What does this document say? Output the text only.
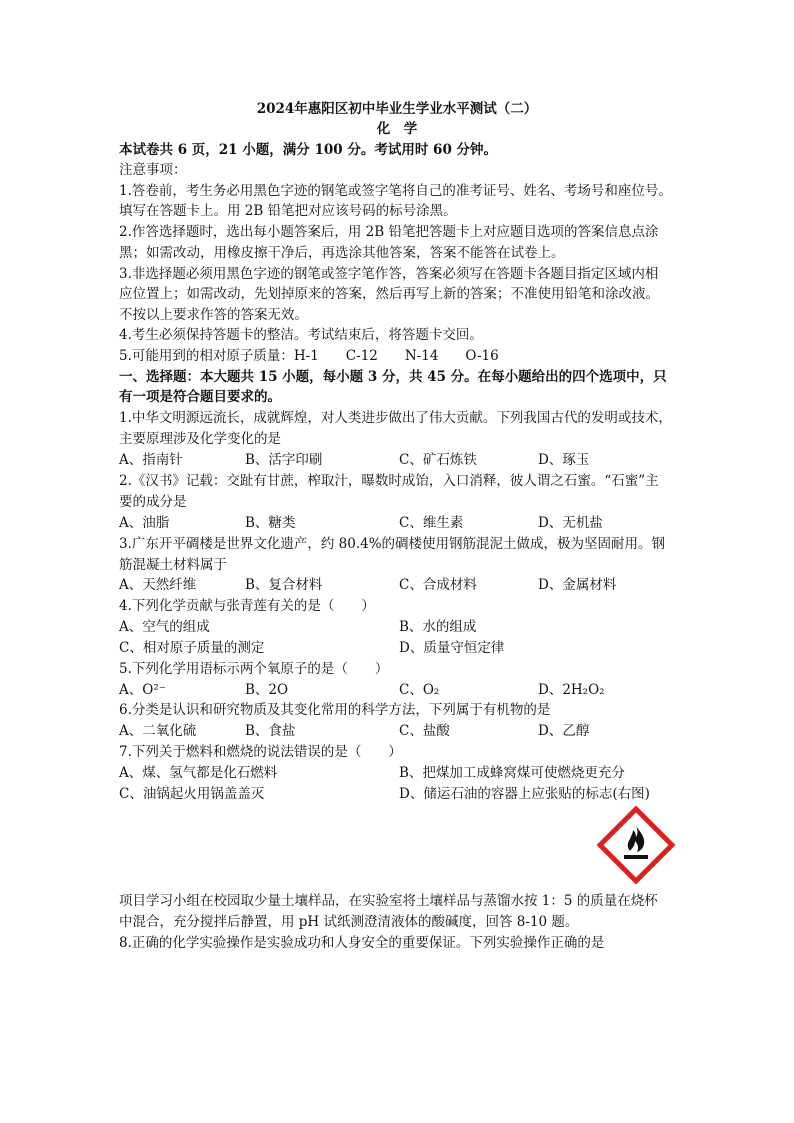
2024年惠阳区初中毕业生学业水平测试（二）
化　学
本试卷共 6 页，21 小题，满分 100 分。考试用时 60 分钟。
注意事项：
1.答卷前，考生务必用黑色字迹的钢笔或签字笔将自己的准考证号、姓名、考场号和座位号。
填写在答题卡上。用 2B 铅笔把对应该号码的标号涂黑。
2.作答选择题时，选出每小题答案后，用 2B 铅笔把答题卡上对应题目选项的答案信息点涂
黑；如需改动，用橡皮擦干净后，再选涂其他答案，答案不能答在试卷上。
3.非选择题必须用黑色字迹的钢笔或签字笔作答，答案必须写在答题卡各题目指定区域内相
应位置上；如需改动，先划掉原来的答案，然后再写上新的答案；不准使用铅笔和涂改液。
不按以上要求作答的答案无效。
4.考生必须保持答题卡的整洁。考试结束后，将答题卡交回。
5.可能用到的相对原子质量：H-1　　C-12　　N-14　　O-16
一、选择题：本大题共 15 小题，每小题 3 分，共 45 分。在每小题给出的四个选项中，只
有一项是符合题目要求的。
1.中华文明源远流长，成就辉煌，对人类进步做出了伟大贡献。下列我国古代的发明或技术，
主要原理涉及化学变化的是
A、指南针	B、活字印刷	C、矿石炼铁	D、琢玉
2.《汉书》记载：交趾有甘蔗，榨取汁，曝数时成饴，入口消释，彼人谓之石蜜。“石蜜”主
要的成分是
A、油脂	B、糖类	C、维生素	D、无机盐
3.广东开平碉楼是世界文化遗产，约 80.4%的碉楼使用钢筋混泥土做成，极为坚固耐用。钢
筋混凝土材料属于
A、天然纤维	B、复合材料	C、合成材料	D、金属材料
4.下列化学贡献与张青莲有关的是（　　）
A、空气的组成	B、水的组成
C、相对原子质量的测定	D、质量守恒定律
5.下列化学用语标示两个氧原子的是（　　）
A、O²⁻	B、2O	C、O₂	D、2H₂O₂
6.分类是认识和研究物质及其变化常用的科学方法，下列属于有机物的是
A、二氧化硫	B、食盐	C、盐酸	D、乙醇
7.下列关于燃料和燃烧的说法错误的是（　　）
A、煤、氢气都是化石燃料	B、把煤加工成蜂窝煤可使燃烧更充分
C、油锅起火用锅盖盖灭	D、储运石油的容器上应张贴的标志(右图)
项目学习小组在校园取少量土壤样品，在实验室将土壤样品与蒸馏水按 1：5 的质量在烧杯
中混合，充分搅拌后静置，用 pH 试纸测澄清液体的酸碱度，回答 8-10 题。
8.正确的化学实验操作是实验成功和人身安全的重要保证。下列实验操作正确的是
